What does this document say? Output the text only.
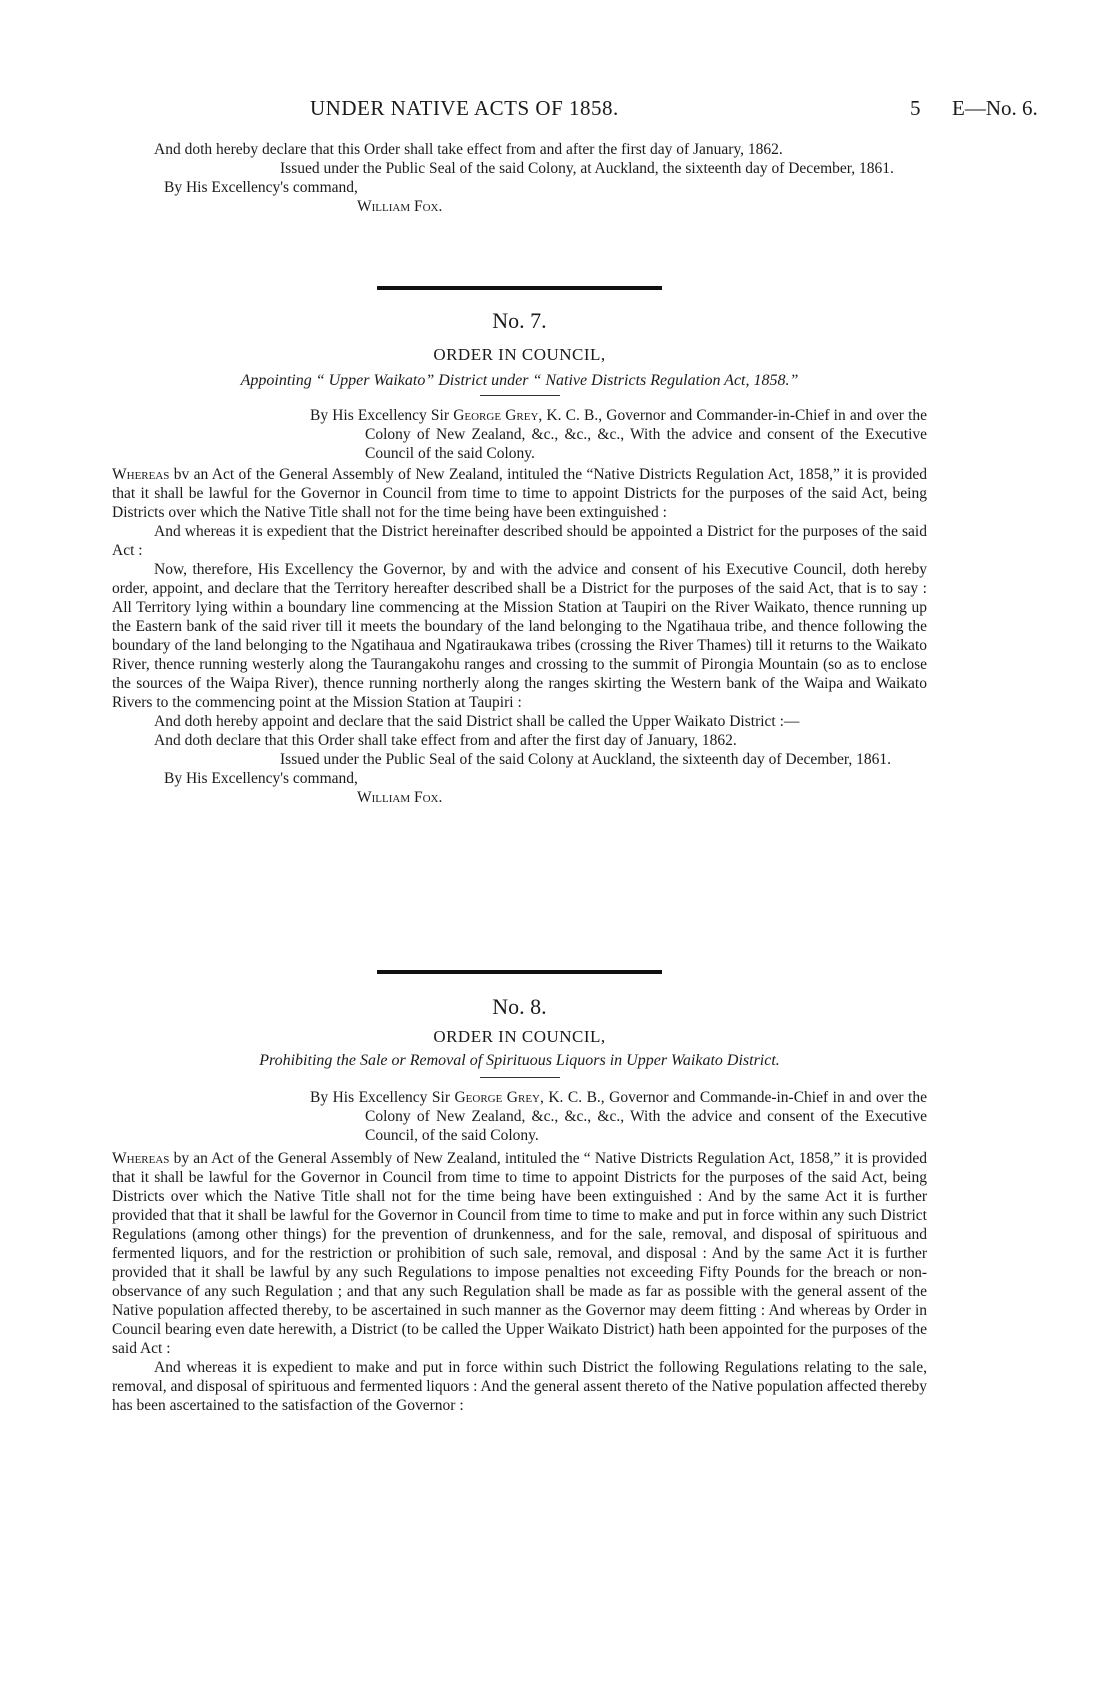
UNDER NATIVE ACTS OF 1858.	5 E—No. 6.

And doth hereby declare that this Order shall take effect from and after the first day of January, 1862.

Issued under the Public Seal of the said Colony, at Auckland, the sixteenth day of December, 1861.

By His Excellency's command,

William Fox.

No. 7.

ORDER IN COUNCIL,

Appointing “ Upper Waikato” District under “ Native Districts Regulation Act, 1858.”

By His Excellency Sir George Grey, K. C. B., Governor and Commander-in-Chief in and over the Colony of New Zealand, &c., &c., &c., With the advice and consent of the Executive Council of the said Colony.

Whereas bv an Act of the General Assembly of New Zealand, intituled the “Native Districts Regulation Act, 1858,” it is provided that it shall be lawful for the Governor in Council from time to time to appoint Districts for the purposes of the said Act, being Districts over which the Native Title shall not for the time being have been extinguished :

And whereas it is expedient that the District hereinafter described should be appointed a District for the purposes of the said Act :

Now, therefore, His Excellency the Governor, by and with the advice and consent of his Executive Council, doth hereby order, appoint, and declare that the Territory hereafter described shall be a District for the purposes of the said Act, that is to say : All Territory lying within a boundary line commencing at the Mission Station at Taupiri on the River Waikato, thence running up the Eastern bank of the said river till it meets the boundary of the land belonging to the Ngatihaua tribe, and thence following the boundary of the land belonging to the Ngatihaua and Ngatiraukawa tribes (crossing the River Thames) till it returns to the Waikato River, thence running westerly along the Taurangakohu ranges and crossing to the summit of Pirongia Mountain (so as to enclose the sources of the Waipa River), thence running northerly along the ranges skirting the Western bank of the Waipa and Waikato Rivers to the commencing point at the Mission Station at Taupiri :

And doth hereby appoint and declare that the said District shall be called the Upper Waikato District :—

And doth declare that this Order shall take effect from and after the first day of January, 1862.

Issued under the Public Seal of the said Colony at Auckland, the sixteenth day of December, 1861.

By His Excellency's command,

William Fox.

No. 8.

ORDER IN COUNCIL,

Prohibiting the Sale or Removal of Spirituous Liquors in Upper Waikato District.

By His Excellency Sir George Grey, K. C. B., Governor and Commande-in-Chief in and over the Colony of New Zealand, &c., &c., &c., With the advice and consent of the Executive Council, of the said Colony.

Whereas by an Act of the General Assembly of New Zealand, intituled the “ Native Districts Regulation Act, 1858,” it is provided that it shall be lawful for the Governor in Council from time to time to appoint Districts for the purposes of the said Act, being Districts over which the Native Title shall not for the time being have been extinguished : And by the same Act it is further provided that that it shall be lawful for the Governor in Council from time to time to make and put in force within any such District Regulations (among other things) for the prevention of drunkenness, and for the sale, removal, and disposal of spirituous and fermented liquors, and for the restriction or prohibition of such sale, removal, and disposal : And by the same Act it is further provided that it shall be lawful by any such Regulations to impose penalties not exceeding Fifty Pounds for the breach or non-observance of any such Regulation ; and that any such Regulation shall be made as far as possible with the general assent of the Native population affected thereby, to be ascertained in such manner as the Governor may deem fitting : And whereas by Order in Council bearing even date herewith, a District (to be called the Upper Waikato District) hath been appointed for the purposes of the said Act :

And whereas it is expedient to make and put in force within such District the following Regulations relating to the sale, removal, and disposal of spirituous and fermented liquors : And the general assent thereto of the Native population affected thereby has been ascertained to the satisfaction of the Governor :
